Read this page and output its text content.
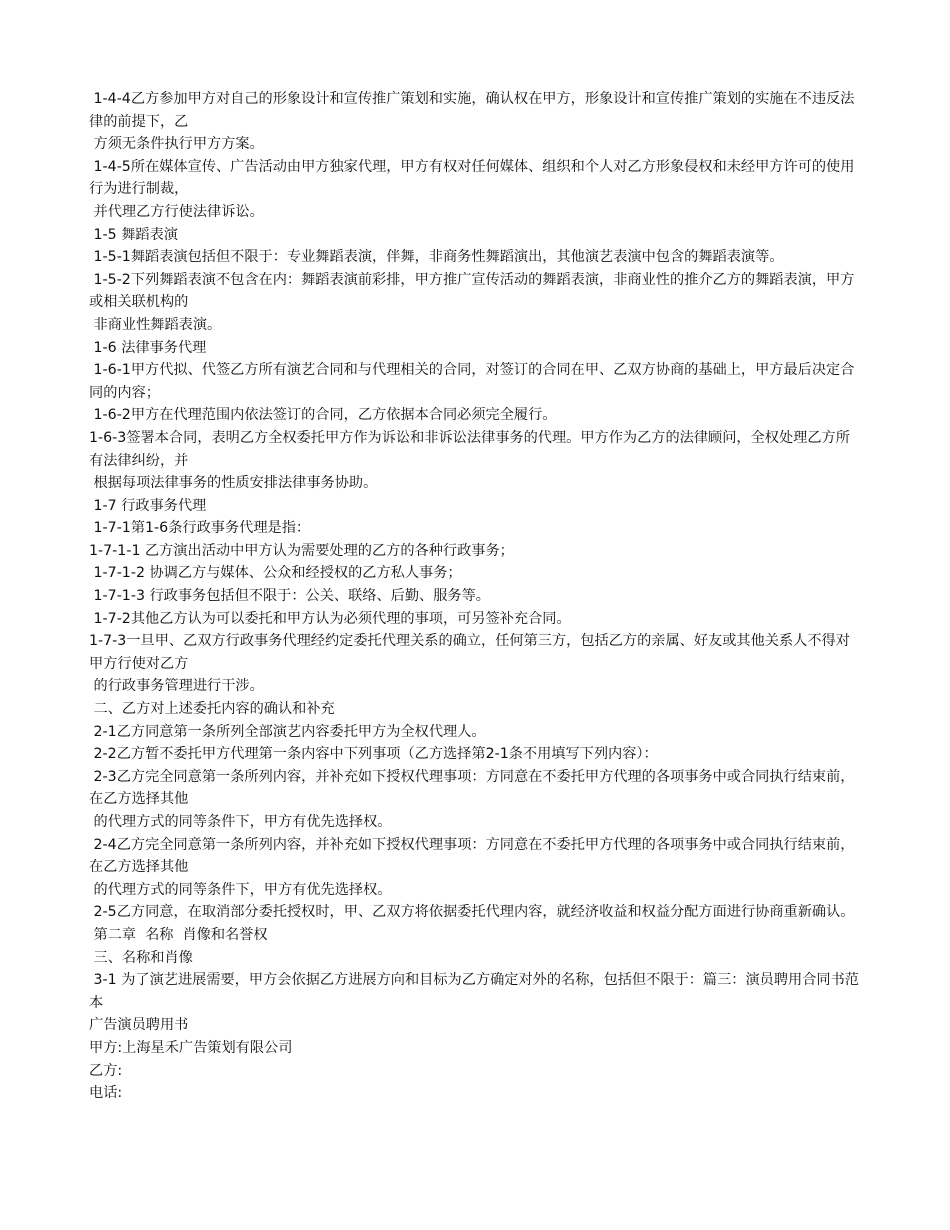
1-4-4乙方参加甲方对自己的形象设计和宣传推广策划和实施，确认权在甲方，形象设计和宣传推广策划的实施在不违反法律的前提下，乙

方须无条件执行甲方方案。

1-4-5所在媒体宣传、广告活动由甲方独家代理，甲方有权对任何媒体、组织和个人对乙方形象侵权和未经甲方许可的使用行为进行制裁，

并代理乙方行使法律诉讼。

1-5 舞蹈表演

1-5-1舞蹈表演包括但不限于：专业舞蹈表演，伴舞，非商务性舞蹈演出，其他演艺表演中包含的舞蹈表演等。

1-5-2下列舞蹈表演不包含在内：舞蹈表演前彩排，甲方推广宣传活动的舞蹈表演，非商业性的推介乙方的舞蹈表演，甲方或相关联机构的

非商业性舞蹈表演。

1-6 法律事务代理

1-6-1甲方代拟、代签乙方所有演艺合同和与代理相关的合同，对签订的合同在甲、乙双方协商的基础上，甲方最后决定合同的内容；

1-6-2甲方在代理范围内依法签订的合同，乙方依据本合同必须完全履行。

1-6-3签署本合同，表明乙方全权委托甲方作为诉讼和非诉讼法律事务的代理。甲方作为乙方的法律顾问，全权处理乙方所有法律纠纷，并

根据每项法律事务的性质安排法律事务协助。

1-7 行政事务代理

1-7-1第1-6条行政事务代理是指：

1-7-1-1 乙方演出活动中甲方认为需要处理的乙方的各种行政事务；

1-7-1-2 协调乙方与媒体、公众和经授权的乙方私人事务；

1-7-1-3 行政事务包括但不限于：公关、联络、后勤、服务等。

1-7-2其他乙方认为可以委托和甲方认为必须代理的事项，可另签补充合同。

1-7-3一旦甲、乙双方行政事务代理经约定委托代理关系的确立，任何第三方，包括乙方的亲属、好友或其他关系人不得对甲方行使对乙方

的行政事务管理进行干涉。

二、乙方对上述委托内容的确认和补充

2-1乙方同意第一条所列全部演艺内容委托甲方为全权代理人。

2-2乙方暂不委托甲方代理第一条内容中下列事项（乙方选择第2-1条不用填写下列内容）：

2-3乙方完全同意第一条所列内容，并补充如下授权代理事项：方同意在不委托甲方代理的各项事务中或合同执行结束前，在乙方选择其他

的代理方式的同等条件下，甲方有优先选择权。

2-4乙方完全同意第一条所列内容，并补充如下授权代理事项：方同意在不委托甲方代理的各项事务中或合同执行结束前，在乙方选择其他

的代理方式的同等条件下，甲方有优先选择权。

2-5乙方同意，在取消部分委托授权时，甲、乙双方将依据委托代理内容，就经济收益和权益分配方面进行协商重新确认。

第二章  名称  肖像和名誉权

三、名称和肖像

3-1 为了演艺进展需要，甲方会依据乙方进展方向和目标为乙方确定对外的名称，包括但不限于：篇三：演员聘用合同书范本

广告演员聘用书

甲方:上海星禾广告策划有限公司

乙方:

电话:
